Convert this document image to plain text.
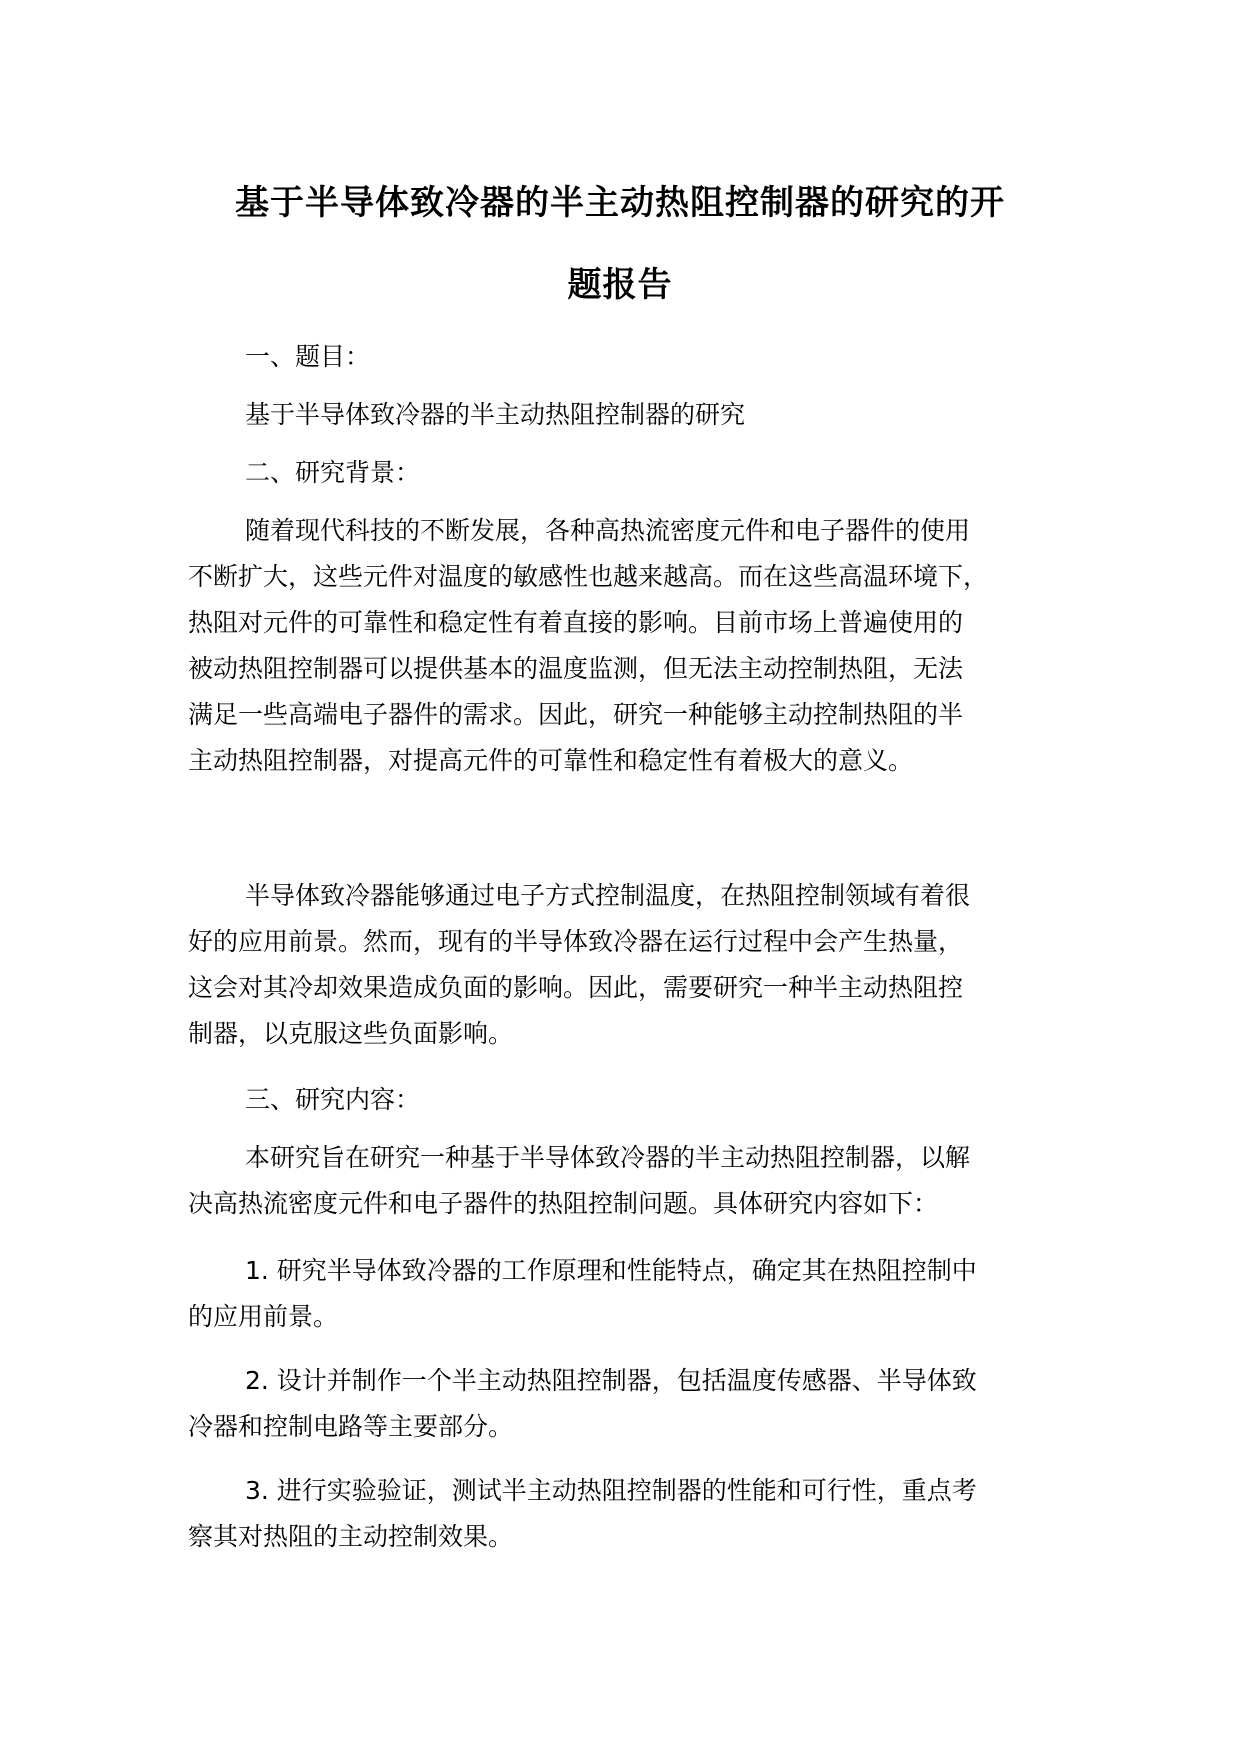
基于半导体致冷器的半主动热阻控制器的研究的开
题报告

一、题目：

基于半导体致冷器的半主动热阻控制器的研究

二、研究背景：

随着现代科技的不断发展，各种高热流密度元件和电子器件的使用
不断扩大，这些元件对温度的敏感性也越来越高。而在这些高温环境下，
热阻对元件的可靠性和稳定性有着直接的影响。目前市场上普遍使用的
被动热阻控制器可以提供基本的温度监测，但无法主动控制热阻，无法
满足一些高端电子器件的需求。因此，研究一种能够主动控制热阻的半
主动热阻控制器，对提高元件的可靠性和稳定性有着极大的意义。
半导体致冷器能够通过电子方式控制温度，在热阻控制领域有着很
好的应用前景。然而，现有的半导体致冷器在运行过程中会产生热量，
这会对其冷却效果造成负面的影响。因此，需要研究一种半主动热阻控
制器，以克服这些负面影响。

三、研究内容：

本研究旨在研究一种基于半导体致冷器的半主动热阻控制器，以解
决高热流密度元件和电子器件的热阻控制问题。具体研究内容如下：
1. 研究半导体致冷器的工作原理和性能特点，确定其在热阻控制中
的应用前景。
2. 设计并制作一个半主动热阻控制器，包括温度传感器、半导体致
冷器和控制电路等主要部分。
3. 进行实验验证，测试半主动热阻控制器的性能和可行性，重点考
察其对热阻的主动控制效果。
